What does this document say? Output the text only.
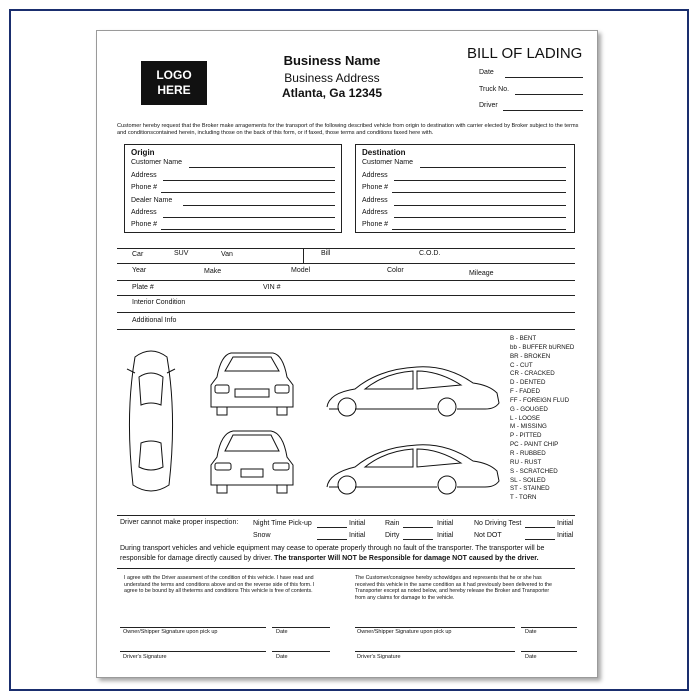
LOGO
HERE
Business Name
Business Address
Atlanta, Ga 12345
BILL OF LADING
Date
Truck No.
Driver
Customer hereby request that the Broker make arragements for the transport of the following described vehicle from origin to destination with carrier elected by Broker subject to the terms and conditionscontained herein, including those on the back of this form, or if faxed, those terms and conditions faxed here with.
Origin
Customer Name
Address
Phone #
Dealer Name
Address
Phone #
Destination
Customer Name
Address
Phone #
Address
Address
Phone #
Car	SUV	Van	Bill	C.O.D.
Year	Make	Model	Color	Mileage
Plate #	VIN #
Interior Condition
Additional Info
B - BENT
bb - BUFFER bURNED
BR - BROKEN
C - CUT
CR - CRACKED
D - DENTED
F - FADED
FF - FOREIGN FLUD
G - GOUGED
L - LOOSE
M - MISSING
P - PITTED
PC - PAINT CHIP
R - RUBBED
RU - RUST
S - SCRATCHED
SL - SOILED
ST - STAINED
T - TORN
Driver cannot make proper inspection: Night Time Pick-up	Initial	Rain	Initial	No Driving Test	Initial
Snow	Initial	Dirty	Initial	Not DOT	Initial
During transport vehicles and vehicle equipment may cease to operate properly through no fault of the transporter. The transporter will be responsible for damage directly caused by driver. The transporter Will NOT be Responsible for damage NOT caused by the driver.
I agree with the Driver assesment of the condition of this vehicle. I have read and understand the terms and conditions above and on the reverse side of this form. I agree to be bound by all theterms and conditions This vehicle is free of contents.
The Customer/consignee hereby schowldges and represents that he or she has received this vehicle in the same condition as it had previously been delivered to the Transporter except as noted below, and hereby release the Broker and Transporter from any claims for damage to the vehicle.
Owner/Shipper Signature upon pick up	Date	Owner/Shipper Signature upon pick up	Date
Driver's Signature	Date	Driver's Signature	Date
